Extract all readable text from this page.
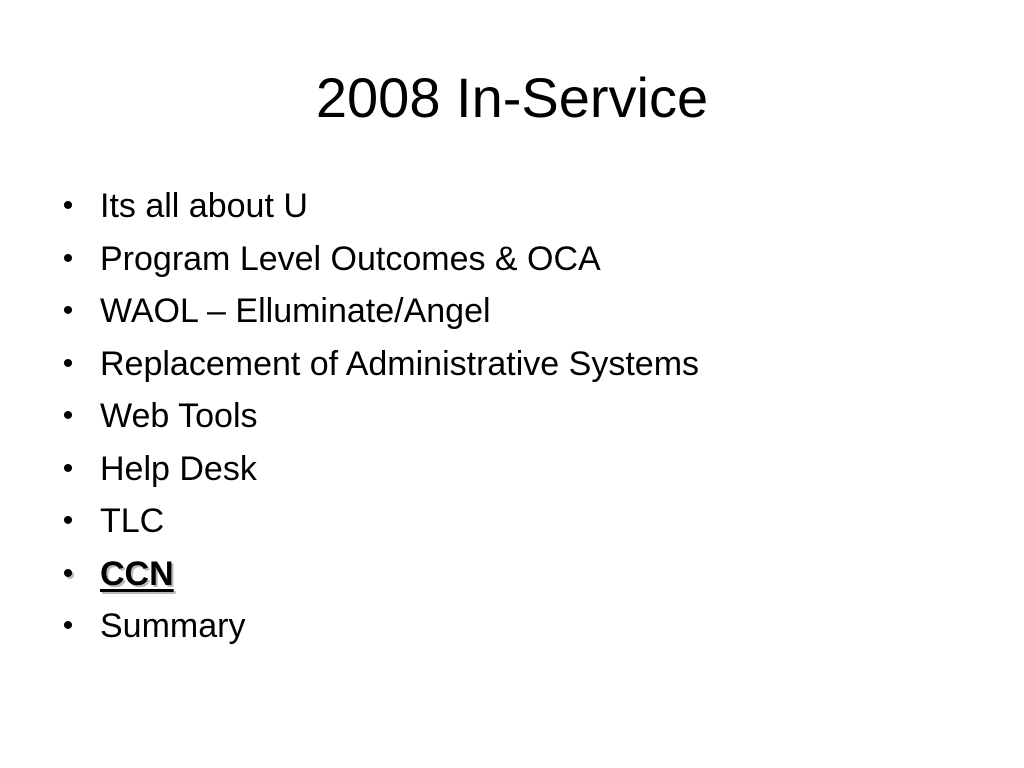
2008 In-Service
• Its all about U
• Program Level Outcomes & OCA
• WAOL – Elluminate/Angel
• Replacement of Administrative Systems
• Web Tools
• Help Desk
• TLC
• CCN
• Summary
